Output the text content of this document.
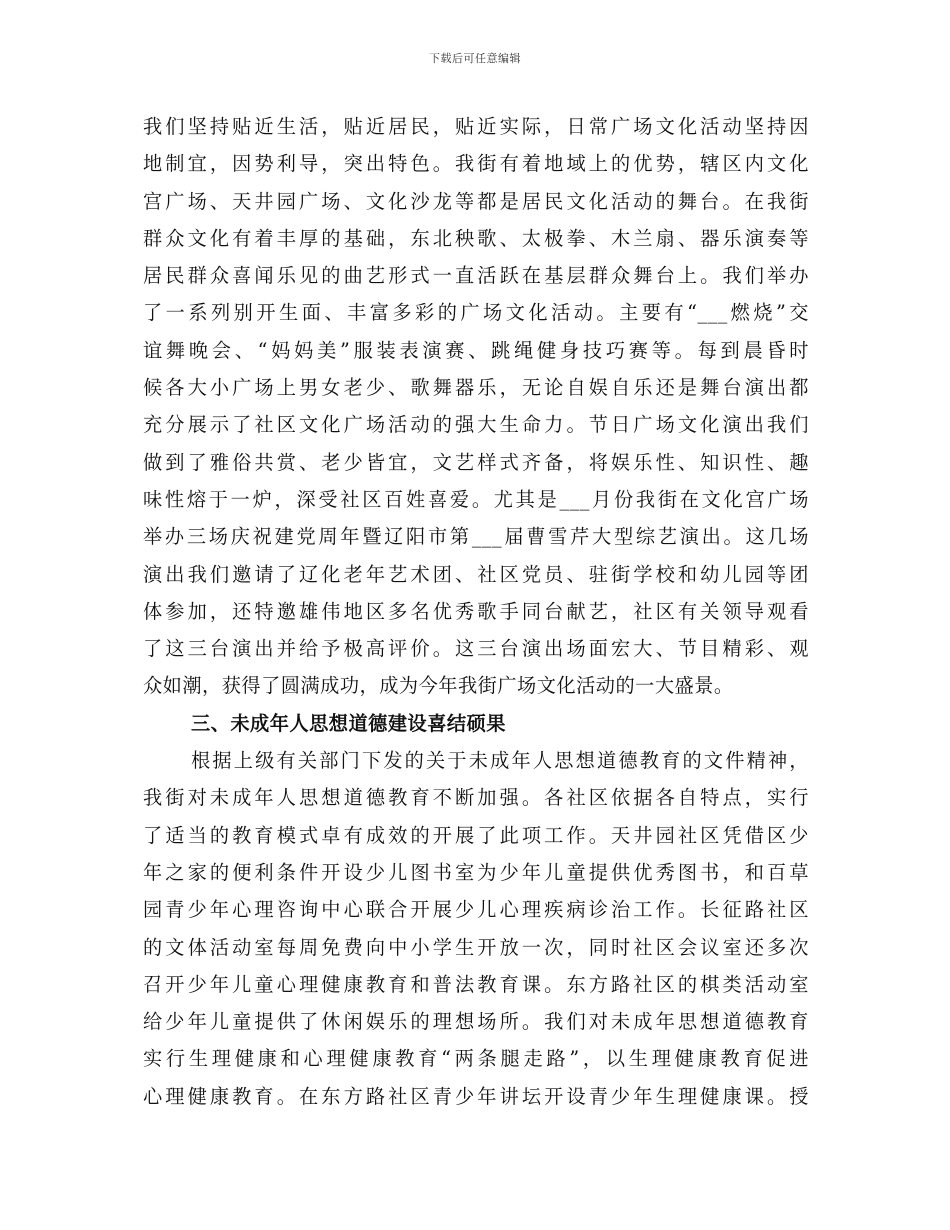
下载后可任意编辑
我们坚持贴近生活，贴近居民，贴近实际，日常广场文化活动坚持因
地制宜，因势利导，突出特色。我街有着地域上的优势，辖区内文化
宫广场、天井园广场、文化沙龙等都是居民文化活动的舞台。在我街
群众文化有着丰厚的基础，东北秧歌、太极拳、木兰扇、器乐演奏等
居民群众喜闻乐见的曲艺形式一直活跃在基层群众舞台上。我们举办
了一系列别开生面、丰富多彩的广场文化活动。主要有“___燃烧”交
谊舞晚会、“妈妈美”服装表演赛、跳绳健身技巧赛等。每到晨昏时
候各大小广场上男女老少、歌舞器乐，无论自娱自乐还是舞台演出都
充分展示了社区文化广场活动的强大生命力。节日广场文化演出我们
做到了雅俗共赏、老少皆宜，文艺样式齐备，将娱乐性、知识性、趣
味性熔于一炉，深受社区百姓喜爱。尤其是___月份我街在文化宫广场
举办三场庆祝建党周年暨辽阳市第___届曹雪芹大型综艺演出。这几场
演出我们邀请了辽化老年艺术团、社区党员、驻街学校和幼儿园等团
体参加，还特邀雄伟地区多名优秀歌手同台献艺，社区有关领导观看
了这三台演出并给予极高评价。这三台演出场面宏大、节目精彩、观
众如潮，获得了圆满成功，成为今年我街广场文化活动的一大盛景。
三、未成年人思想道德建设喜结硕果
根据上级有关部门下发的关于未成年人思想道德教育的文件精神，
我街对未成年人思想道德教育不断加强。各社区依据各自特点，实行
了适当的教育模式卓有成效的开展了此项工作。天井园社区凭借区少
年之家的便利条件开设少儿图书室为少年儿童提供优秀图书，和百草
园青少年心理咨询中心联合开展少儿心理疾病诊治工作。长征路社区
的文体活动室每周免费向中小学生开放一次，同时社区会议室还多次
召开少年儿童心理健康教育和普法教育课。东方路社区的棋类活动室
给少年儿童提供了休闲娱乐的理想场所。我们对未成年思想道德教育
实行生理健康和心理健康教育“两条腿走路”，以生理健康教育促进
心理健康教育。在东方路社区青少年讲坛开设青少年生理健康课。授
